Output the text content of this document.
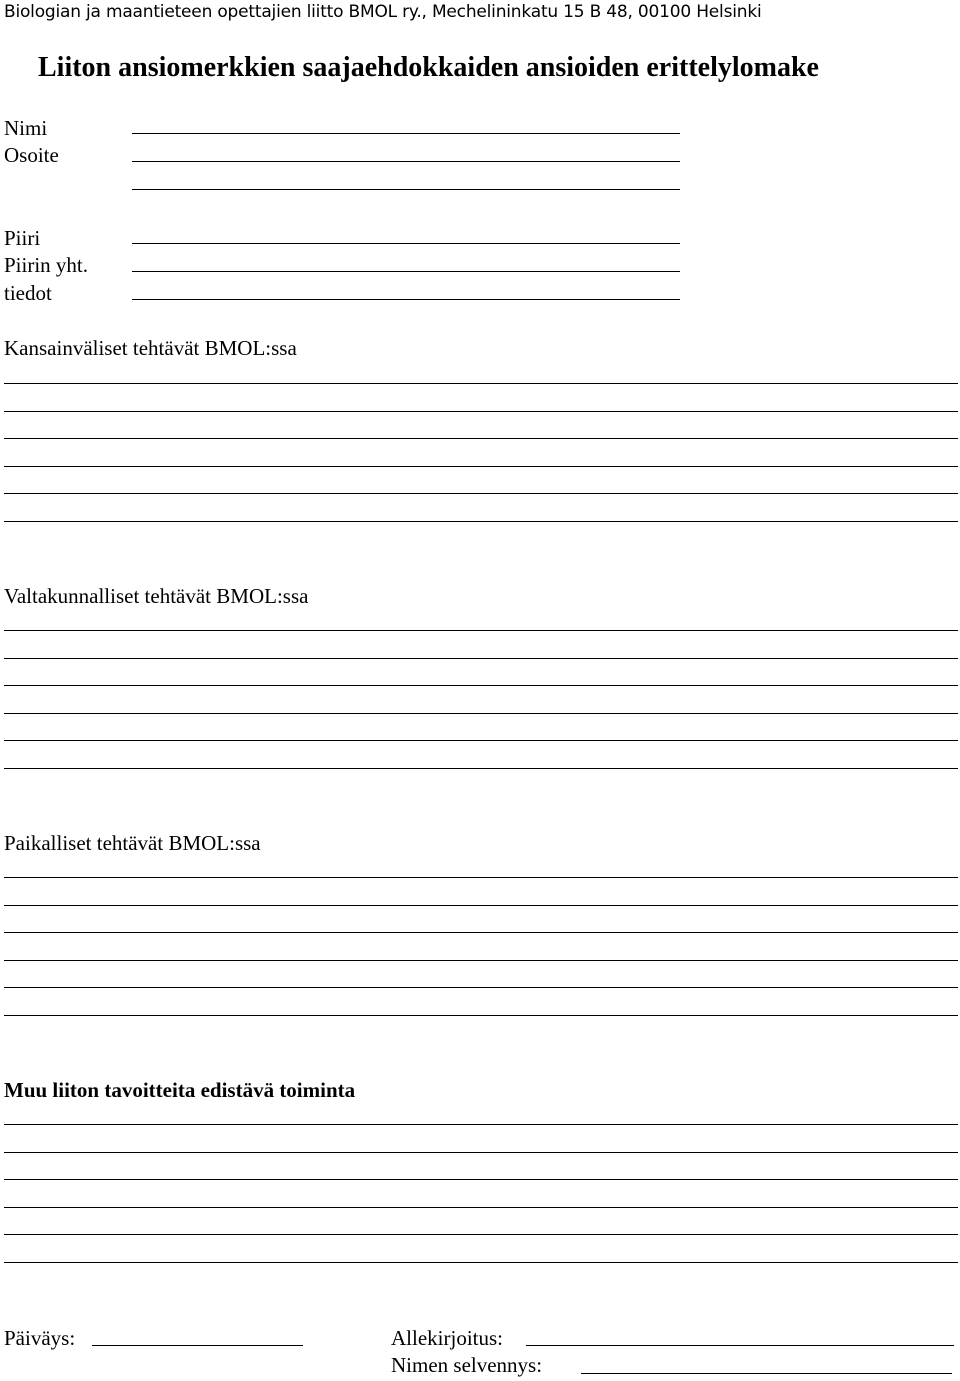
Biologian ja maantieteen opettajien liitto BMOL ry., Mechelininkatu 15 B 48, 00100 Helsinki
Liiton ansiomerkkien saajaehdokkaiden ansioiden erittelylomake
Nimi
Osoite
Piiri
Piirin yht.
tiedot
Kansainväliset tehtävät BMOL:ssa
Valtakunnalliset tehtävät BMOL:ssa
Paikalliset tehtävät BMOL:ssa
Muu liiton tavoitteita edistävä toiminta
Päiväys:	Allekirjoitus:
Nimen selvennys:
